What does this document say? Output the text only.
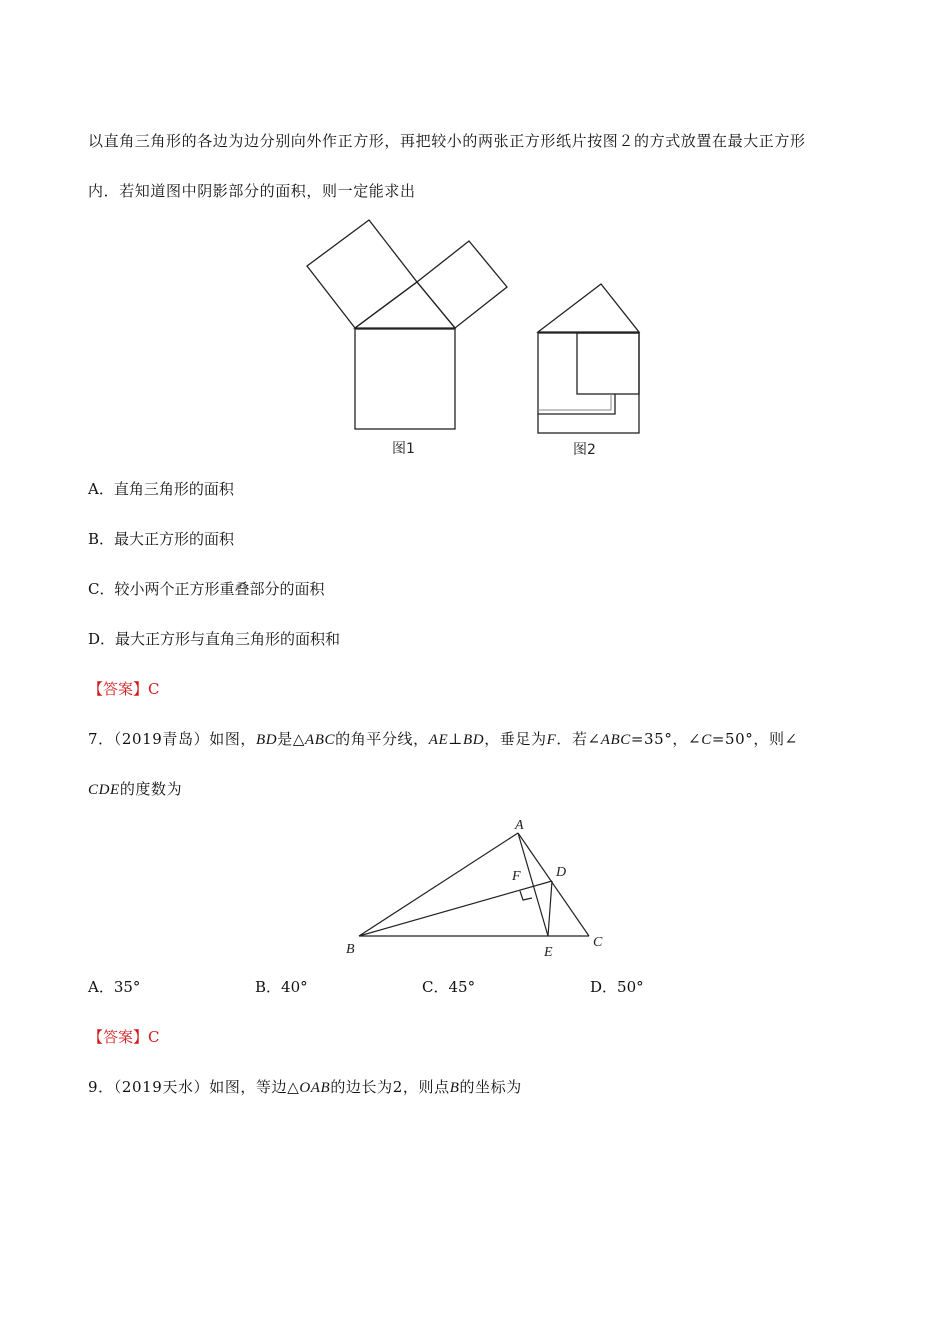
以直角三角形的各边为边分别向外作正方形，再把较小的两张正方形纸片按图２的方式放置在最大正方形
内．若知道图中阴影部分的面积，则一定能求出
图1	图2
A．直角三角形的面积
B．最大正方形的面积
C．较小两个正方形重叠部分的面积
D．最大正方形与直角三角形的面积和
【答案】C
7．（2019青岛）如图，BD是△ABC的角平分线，AE⊥BD，垂足为F．若∠ABC=35°，∠C=50°，则∠
CDE的度数为
A
B	C
D
E
F
A．35°	B．40°	C．45°	D．50°
【答案】C
9．（2019天水）如图，等边△OAB的边长为2，则点B的坐标为
